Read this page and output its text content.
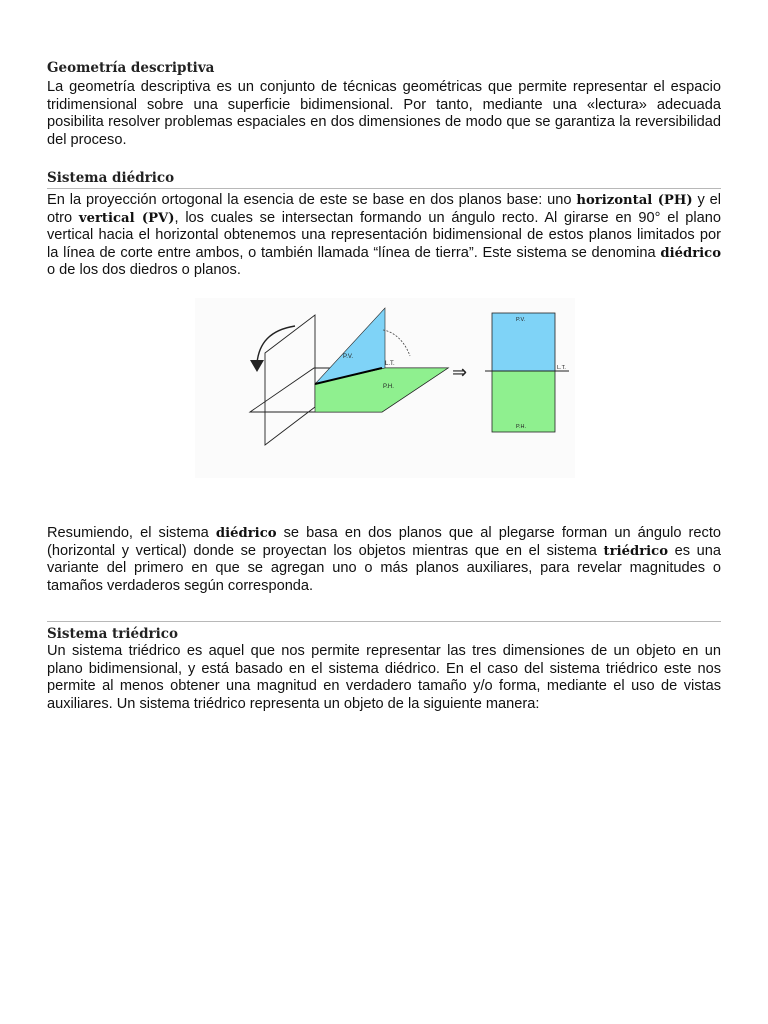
Geometría descriptiva

La geometría descriptiva es un conjunto de técnicas geométricas que permite representar el espacio tridimensional sobre una superficie bidimensional. Por tanto, mediante una «lectura» adecuada posibilita resolver problemas espaciales en dos dimensiones de modo que se garantiza la reversibilidad del proceso.

Sistema diédrico

En la proyección ortogonal la esencia de este se base en dos planos base: uno horizontal (PH) y el otro vertical (PV), los cuales se intersectan formando un ángulo recto. Al girarse en 90° el plano vertical hacia el horizontal obtenemos una representación bidimensional de estos planos limitados por la línea de corte entre ambos, o también llamada “línea de tierra”. Este sistema se denomina diédrico o de los dos diedros o planos.

P.V.
L.T.
P.H.
⇒
P.V.
L.T.
P.H.

Resumiendo, el sistema diédrico se basa en dos planos que al plegarse forman un ángulo recto (horizontal y vertical) donde se proyectan los objetos mientras que en el sistema triédrico es una variante del primero en que se agregan uno o más planos auxiliares, para revelar magnitudes o tamaños verdaderos según corresponda.

Sistema triédrico

Un sistema triédrico es aquel que nos permite representar las tres dimensiones de un objeto en un plano bidimensional, y está basado en el sistema diédrico. En el caso del sistema triédrico este nos permite al menos obtener una magnitud en verdadero tamaño y/o forma, mediante el uso de vistas auxiliares. Un sistema triédrico representa un objeto de la siguiente manera:
